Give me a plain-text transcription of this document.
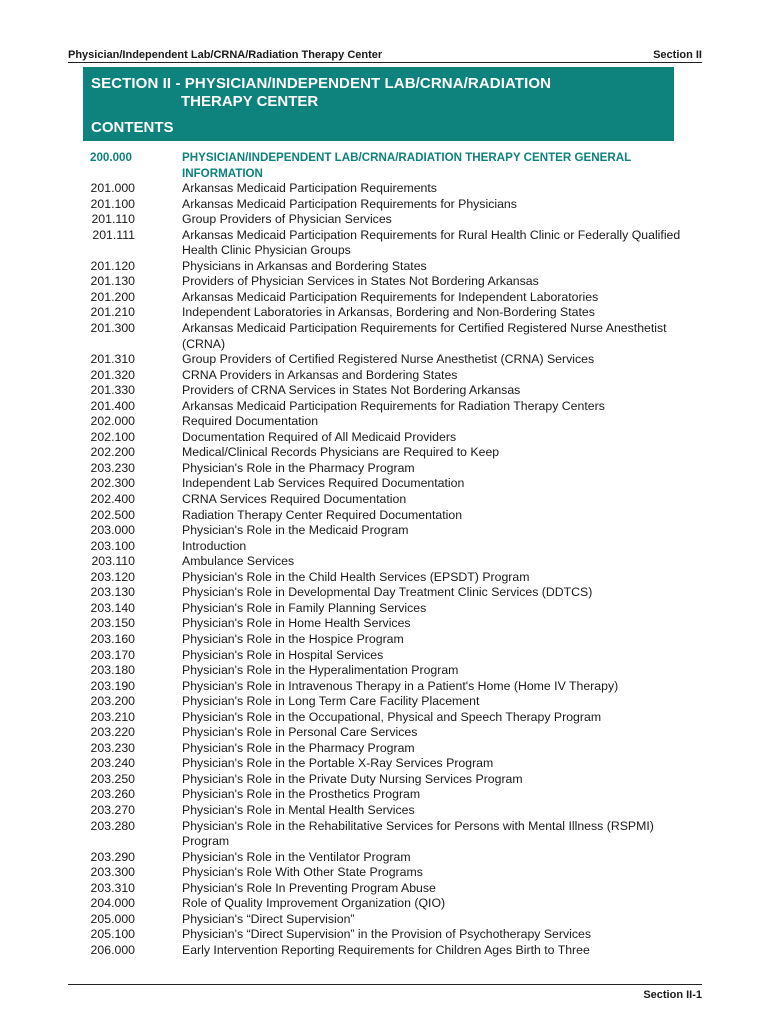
Physician/Independent Lab/CRNA/Radiation Therapy Center	Section II
SECTION II - PHYSICIAN/INDEPENDENT LAB/CRNA/RADIATION
THERAPY CENTER
CONTENTS
200.000	PHYSICIAN/INDEPENDENT LAB/CRNA/RADIATION THERAPY CENTER GENERAL INFORMATION
201.000	Arkansas Medicaid Participation Requirements
201.100	Arkansas Medicaid Participation Requirements for Physicians
201.110	Group Providers of Physician Services
201.111	Arkansas Medicaid Participation Requirements for Rural Health Clinic or Federally Qualified Health Clinic Physician Groups
201.120	Physicians in Arkansas and Bordering States
201.130	Providers of Physician Services in States Not Bordering Arkansas
201.200	Arkansas Medicaid Participation Requirements for Independent Laboratories
201.210	Independent Laboratories in Arkansas, Bordering and Non-Bordering States
201.300	Arkansas Medicaid Participation Requirements for Certified Registered Nurse Anesthetist (CRNA)
201.310	Group Providers of Certified Registered Nurse Anesthetist (CRNA) Services
201.320	CRNA Providers in Arkansas and Bordering States
201.330	Providers of CRNA Services in States Not Bordering Arkansas
201.400	Arkansas Medicaid Participation Requirements for Radiation Therapy Centers
202.000	Required Documentation
202.100	Documentation Required of All Medicaid Providers
202.200	Medical/Clinical Records Physicians are Required to Keep
203.230	Physician's Role in the Pharmacy Program
202.300	Independent Lab Services Required Documentation
202.400	CRNA Services Required Documentation
202.500	Radiation Therapy Center Required Documentation
203.000	Physician's Role in the Medicaid Program
203.100	Introduction
203.110	Ambulance Services
203.120	Physician's Role in the Child Health Services (EPSDT) Program
203.130	Physician's Role in Developmental Day Treatment Clinic Services (DDTCS)
203.140	Physician's Role in Family Planning Services
203.150	Physician's Role in Home Health Services
203.160	Physician's Role in the Hospice Program
203.170	Physician's Role in Hospital Services
203.180	Physician's Role in the Hyperalimentation Program
203.190	Physician's Role in Intravenous Therapy in a Patient's Home (Home IV Therapy)
203.200	Physician's Role in Long Term Care Facility Placement
203.210	Physician's Role in the Occupational, Physical and Speech Therapy Program
203.220	Physician's Role in Personal Care Services
203.230	Physician's Role in the Pharmacy Program
203.240	Physician's Role in the Portable X-Ray Services Program
203.250	Physician's Role in the Private Duty Nursing Services Program
203.260	Physician's Role in the Prosthetics Program
203.270	Physician's Role in Mental Health Services
203.280	Physician's Role in the Rehabilitative Services for Persons with Mental Illness (RSPMI) Program
203.290	Physician's Role in the Ventilator Program
203.300	Physician's Role With Other State Programs
203.310	Physician's Role In Preventing Program Abuse
204.000	Role of Quality Improvement Organization (QIO)
205.000	Physician's “Direct Supervision”
205.100	Physician's “Direct Supervision” in the Provision of Psychotherapy Services
206.000	Early Intervention Reporting Requirements for Children Ages Birth to Three
Section II-1
